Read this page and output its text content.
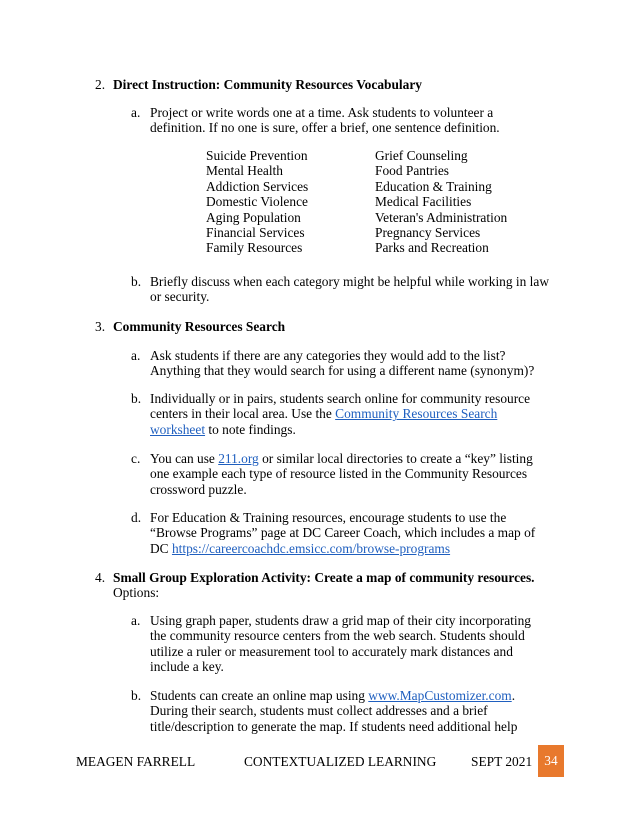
2. Direct Instruction: Community Resources Vocabulary
a. Project or write words one at a time. Ask students to volunteer a
definition. If no one is sure, offer a brief, one sentence definition.
Suicide Prevention
Mental Health
Addiction Services
Domestic Violence
Aging Population
Financial Services
Family Resources
Grief Counseling
Food Pantries
Education & Training
Medical Facilities
Veteran's Administration
Pregnancy Services
Parks and Recreation
b. Briefly discuss when each category might be helpful while working in law
or security.
3. Community Resources Search
a. Ask students if there are any categories they would add to the list?
Anything that they would search for using a different name (synonym)?
b. Individually or in pairs, students search online for community resource
centers in their local area. Use the Community Resources Search
worksheet to note findings.
c. You can use 211.org or similar local directories to create a “key” listing
one example each type of resource listed in the Community Resources
crossword puzzle.
d. For Education & Training resources, encourage students to use the
“Browse Programs” page at DC Career Coach, which includes a map of
DC https://careercoachdc.emsicc.com/browse-programs
4. Small Group Exploration Activity: Create a map of community resources.
Options:
a. Using graph paper, students draw a grid map of their city incorporating
the community resource centers from the web search. Students should
utilize a ruler or measurement tool to accurately mark distances and
include a key.
b. Students can create an online map using www.MapCustomizer.com.
During their search, students must collect addresses and a brief
title/description to generate the map. If students need additional help
MEAGEN FARRELL	CONTEXTUALIZED LEARNING	SEPT 2021 34
